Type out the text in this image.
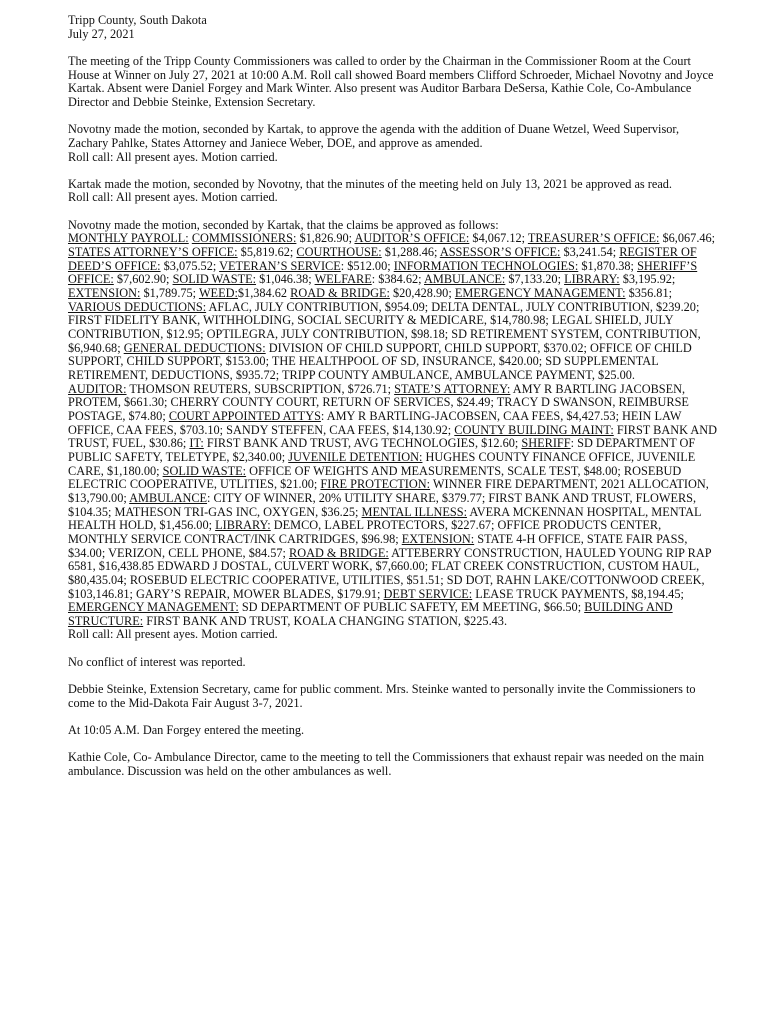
Tripp County, South Dakota

July 27, 2021

The meeting of the Tripp County Commissioners was called to order by the Chairman in the Commissioner Room at the Court House at Winner on July 27, 2021 at 10:00 A.M. Roll call showed Board members Clifford Schroeder, Michael Novotny and Joyce Kartak. Absent were Daniel Forgey and Mark Winter. Also present was Auditor Barbara DeSersa, Kathie Cole, Co-Ambulance Director and Debbie Steinke, Extension Secretary.

Novotny made the motion, seconded by Kartak, to approve the agenda with the addition of Duane Wetzel, Weed Supervisor, Zachary Pahlke, States Attorney and Janiece Weber, DOE, and approve as amended.

Roll call: All present ayes. Motion carried.

Kartak made the motion, seconded by Novotny, that the minutes of the meeting held on July 13, 2021 be approved as read.

Roll call: All present ayes. Motion carried.

Novotny made the motion, seconded by Kartak, that the claims be approved as follows:
MONTHLY PAYROLL: COMMISSIONERS: $1,826.90; AUDITOR’S OFFICE: $4,067.12; TREASURER’S OFFICE: $6,067.46; STATES ATTORNEY’S OFFICE: $5,819.62; COURTHOUSE: $1,288.46; ASSESSOR’S OFFICE: $3,241.54; REGISTER OF DEED’S OFFICE: $3,075.52; VETERAN’S SERVICE: $512.00; INFORMATION TECHNOLOGIES: $1,870.38; SHERIFF’S OFFICE: $7,602.90; SOLID WASTE: $1,046.38; WELFARE: $384.62; AMBULANCE: $7,133.20; LIBRARY: $3,195.92; EXTENSION: $1,789.75; WEED:$1,384.62 ROAD & BRIDGE: $20,428.90; EMERGENCY MANAGEMENT: $356.81; VARIOUS DEDUCTIONS: AFLAC, JULY CONTRIBUTION, $954.09; DELTA DENTAL, JULY CONTRIBUTION, $239.20; FIRST FIDELITY BANK, WITHHOLDING, SOCIAL SECURITY & MEDICARE, $14,780.98; LEGAL SHIELD, JULY CONTRIBUTION, $12.95; OPTILEGRA, JULY CONTRIBUTION, $98.18; SD RETIREMENT SYSTEM, CONTRIBUTION, $6,940.68; GENERAL DEDUCTIONS: DIVISION OF CHILD SUPPORT, CHILD SUPPORT, $370.02; OFFICE OF CHILD SUPPORT, CHILD SUPPORT, $153.00; THE HEALTHPOOL OF SD, INSURANCE, $420.00; SD SUPPLEMENTAL RETIREMENT, DEDUCTIONS, $935.72; TRIPP COUNTY AMBULANCE, AMBULANCE PAYMENT, $25.00.
AUDITOR: THOMSON REUTERS, SUBSCRIPTION, $726.71; STATE’S ATTORNEY: AMY R BARTLING JACOBSEN, PROTEM, $661.30; CHERRY COUNTY COURT, RETURN OF SERVICES, $24.49; TRACY D SWANSON, REIMBURSE POSTAGE, $74.80; COURT APPOINTED ATTYS: AMY R BARTLING-JACOBSEN, CAA FEES, $4,427.53; HEIN LAW OFFICE, CAA FEES, $703.10; SANDY STEFFEN, CAA FEES, $14,130.92; COUNTY BUILDING MAINT: FIRST BANK AND TRUST, FUEL, $30.86; IT: FIRST BANK AND TRUST, AVG TECHNOLOGIES, $12.60; SHERIFF: SD DEPARTMENT OF PUBLIC SAFETY, TELETYPE, $2,340.00; JUVENILE DETENTION: HUGHES COUNTY FINANCE OFFICE, JUVENILE CARE, $1,180.00; SOLID WASTE: OFFICE OF WEIGHTS AND MEASUREMENTS, SCALE TEST, $48.00; ROSEBUD ELECTRIC COOPERATIVE, UTLITIES, $21.00; FIRE PROTECTION: WINNER FIRE DEPARTMENT, 2021 ALLOCATION, $13,790.00; AMBULANCE: CITY OF WINNER, 20% UTILITY SHARE, $379.77; FIRST BANK AND TRUST, FLOWERS, $104.35; MATHESON TRI-GAS INC, OXYGEN, $36.25; MENTAL ILLNESS: AVERA MCKENNAN HOSPITAL, MENTAL HEALTH HOLD, $1,456.00; LIBRARY: DEMCO, LABEL PROTECTORS, $227.67; OFFICE PRODUCTS CENTER, MONTHLY SERVICE CONTRACT/INK CARTRIDGES, $96.98; EXTENSION: STATE 4-H OFFICE, STATE FAIR PASS, $34.00; VERIZON, CELL PHONE, $84.57; ROAD & BRIDGE: ATTEBERRY CONSTRUCTION, HAULED YOUNG RIP RAP 6581, $16,438.85 EDWARD J DOSTAL, CULVERT WORK, $7,660.00; FLAT CREEK CONSTRUCTION, CUSTOM HAUL, $80,435.04; ROSEBUD ELECTRIC COOPERATIVE, UTILITIES, $51.51; SD DOT, RAHN LAKE/COTTONWOOD CREEK, $103,146.81; GARY’S REPAIR, MOWER BLADES, $179.91; DEBT SERVICE: LEASE TRUCK PAYMENTS, $8,194.45; EMERGENCY MANAGEMENT: SD DEPARTMENT OF PUBLIC SAFETY, EM MEETING, $66.50; BUILDING AND STRUCTURE: FIRST BANK AND TRUST, KOALA CHANGING STATION, $225.43.

Roll call: All present ayes. Motion carried.

No conflict of interest was reported.

Debbie Steinke, Extension Secretary, came for public comment. Mrs. Steinke wanted to personally invite the Commissioners to come to the Mid-Dakota Fair August 3-7, 2021.

At 10:05 A.M. Dan Forgey entered the meeting.

Kathie Cole, Co- Ambulance Director, came to the meeting to tell the Commissioners that exhaust repair was needed on the main ambulance. Discussion was held on the other ambulances as well.
